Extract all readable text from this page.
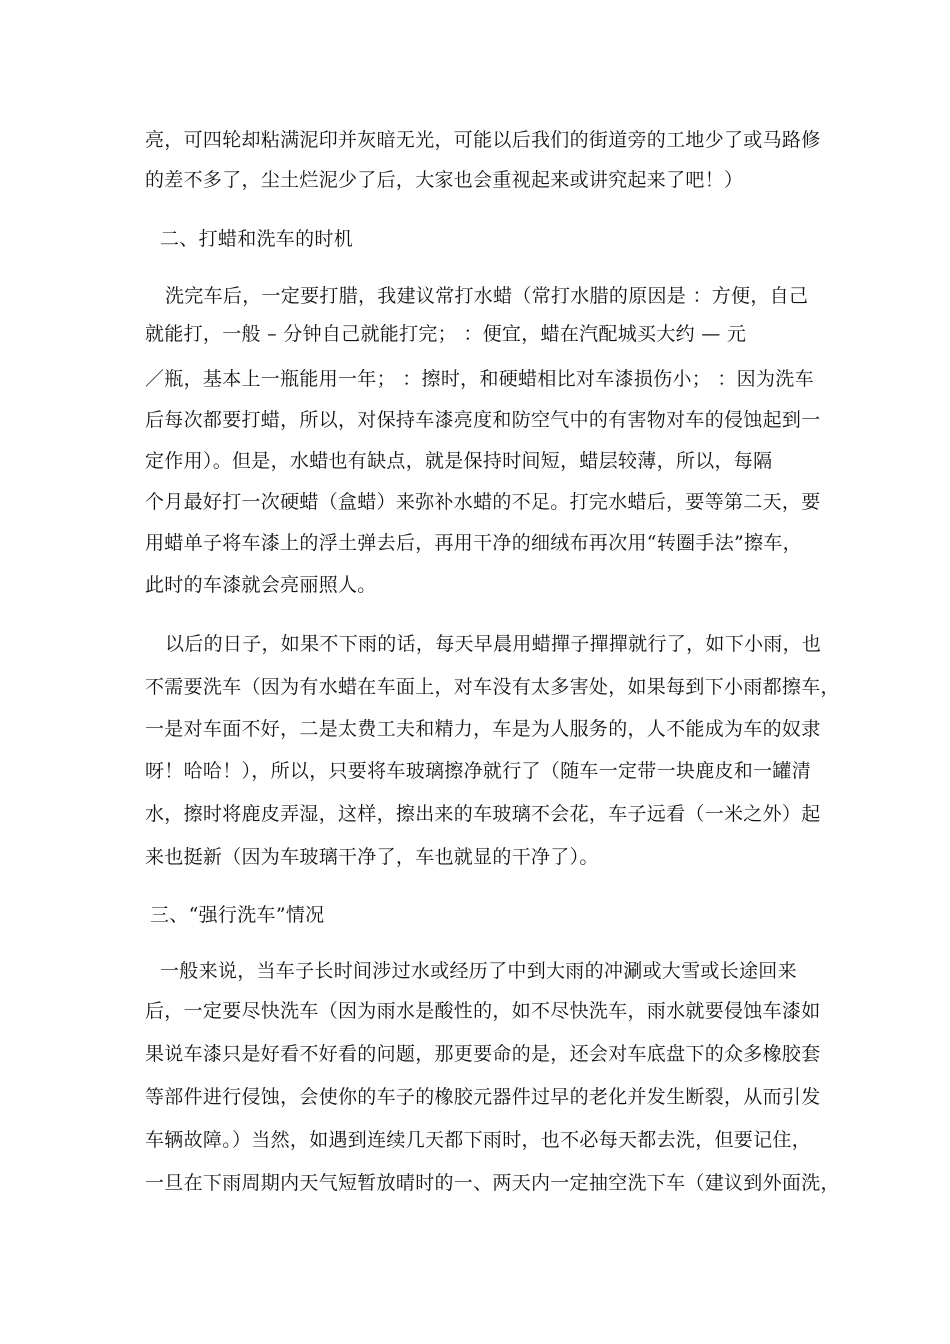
亮，可四轮却粘满泥印并灰暗无光，可能以后我们的街道旁的工地少了或马路修
的差不多了，尘土烂泥少了后，大家也会重视起来或讲究起来了吧！）
二、打蜡和洗车的时机
洗完车后，一定要打腊，我建议常打水蜡（常打水腊的原因是 ：方便，自己
就能打，一般 – 分钟自己就能打完； ：便宜，蜡在汽配城买大约 — 元
／瓶，基本上一瓶能用一年； ：擦时，和硬蜡相比对车漆损伤小； ：因为洗车
后每次都要打蜡，所以，对保持车漆亮度和防空气中的有害物对车的侵蚀起到一
定作用）。但是，水蜡也有缺点，就是保持时间短，蜡层较薄，所以，每隔
个月最好打一次硬蜡（盒蜡）来弥补水蜡的不足。打完水蜡后，要等第二天，要
用蜡单子将车漆上的浮土弹去后，再用干净的细绒布再次用“转圈手法”擦车，
此时的车漆就会亮丽照人。
以后的日子，如果不下雨的话，每天早晨用蜡撣子撣撣就行了，如下小雨，也
不需要洗车（因为有水蜡在车面上，对车没有太多害处，如果每到下小雨都擦车，
一是对车面不好，二是太费工夫和精力，车是为人服务的，人不能成为车的奴隶
呀！哈哈！），所以，只要将车玻璃擦净就行了（随车一定带一块鹿皮和一罐清
水，擦时将鹿皮弄湿，这样，擦出来的车玻璃不会花，车子远看（一米之外）起
来也挺新（因为车玻璃干净了，车也就显的干净了）。
三、“强行洗车”情况
一般来说，当车子长时间涉过水或经历了中到大雨的冲涮或大雪或长途回来
后，一定要尽快洗车（因为雨水是酸性的，如不尽快洗车，雨水就要侵蚀车漆如
果说车漆只是好看不好看的问题，那更要命的是，还会对车底盘下的众多橡胶套
等部件进行侵蚀，会使你的车子的橡胶元器件过早的老化并发生断裂，从而引发
车辆故障。）当然，如遇到连续几天都下雨时，也不必每天都去洗，但要记住，
一旦在下雨周期内天气短暂放晴时的一、两天内一定抽空洗下车（建议到外面洗，
